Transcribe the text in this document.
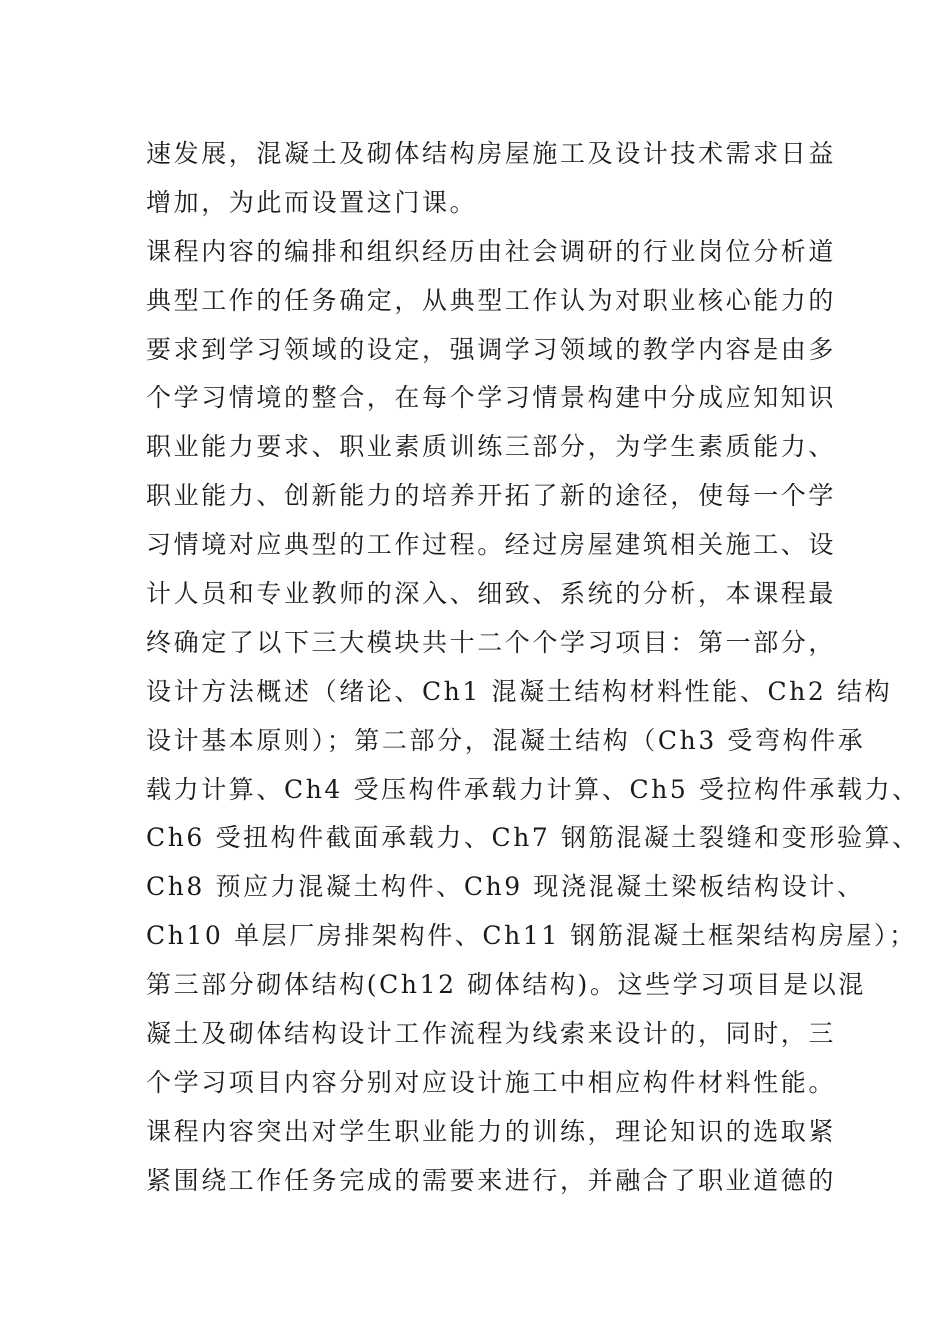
速发展，混凝土及砌体结构房屋施工及设计技术需求日益
增加，为此而设置这门课。
课程内容的编排和组织经历由社会调研的行业岗位分析道
典型工作的任务确定，从典型工作认为对职业核心能力的
要求到学习领域的设定，强调学习领域的教学内容是由多
个学习情境的整合，在每个学习情景构建中分成应知知识
职业能力要求、职业素质训练三部分，为学生素质能力、
职业能力、创新能力的培养开拓了新的途径，使每一个学
习情境对应典型的工作过程。经过房屋建筑相关施工、设
计人员和专业教师的深入、细致、系统的分析，本课程最
终确定了以下三大模块共十二个个学习项目：第一部分，
设计方法概述（绪论、Ch1 混凝土结构材料性能、Ch2 结构
设计基本原则）；第二部分，混凝土结构（Ch3 受弯构件承
载力计算、Ch4 受压构件承载力计算、Ch5 受拉构件承载力、
Ch6 受扭构件截面承载力、Ch7 钢筋混凝土裂缝和变形验算、
Ch8 预应力混凝土构件、Ch9 现浇混凝土梁板结构设计、
Ch10 单层厂房排架构件、Ch11 钢筋混凝土框架结构房屋）；
第三部分砌体结构(Ch12 砌体结构)。这些学习项目是以混
凝土及砌体结构设计工作流程为线索来设计的，同时，三
个学习项目内容分别对应设计施工中相应构件材料性能。
课程内容突出对学生职业能力的训练，理论知识的选取紧
紧围绕工作任务完成的需要来进行，并融合了职业道德的
